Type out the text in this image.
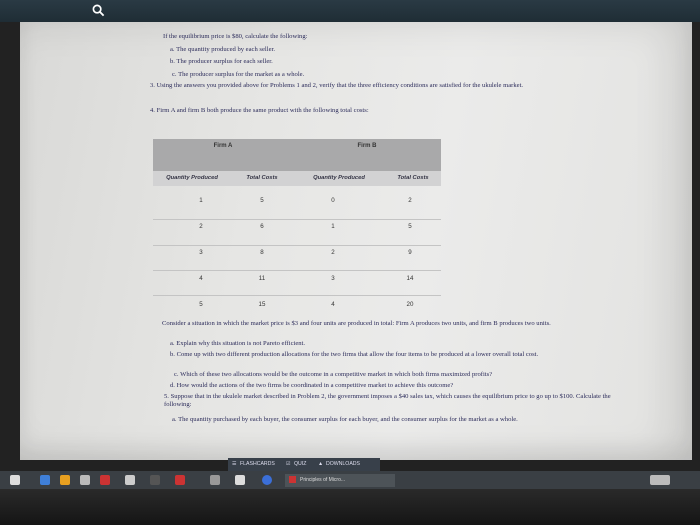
If the equilibrium price is $80, calculate the following:
a. The quantity produced by each seller.
b. The producer surplus for each seller.
c. The producer surplus for the market as a whole.
3. Using the answers you provided above for Problems 1 and 2, verify that the three efficiency conditions are satisfied for the ukulele market.
4. Firm A and firm B both produce the same product with the following total costs:
Firm A	Firm B
Quantity Produced	Total Costs	Quantity Produced	Total Costs
1	5	0	2
2	6	1	5
3	8	2	9
4	11	3	14
5	15	4	20
Consider a situation in which the market price is $3 and four units are produced in total: Firm A produces two units, and firm B produces two units.
a. Explain why this situation is not Pareto efficient.
b. Come up with two different production allocations for the two firms that allow the four items to be produced at a lower overall total cost.
c. Which of these two allocations would be the outcome in a competitive market in which both firms maximized profits?
d. How would the actions of the two firms be coordinated in a competitive market to achieve this outcome?
5. Suppose that in the ukulele market described in Problem 2, the government imposes a $40 sales tax, which causes the equilibrium price to go up to $100. Calculate the following:
a. The quantity purchased by each buyer, the consumer surplus for each buyer, and the consumer surplus for the market as a whole.
☰ FLASHCARDS ☑ QUIZ ▲ DOWNLOADS
Principles of Micro...
